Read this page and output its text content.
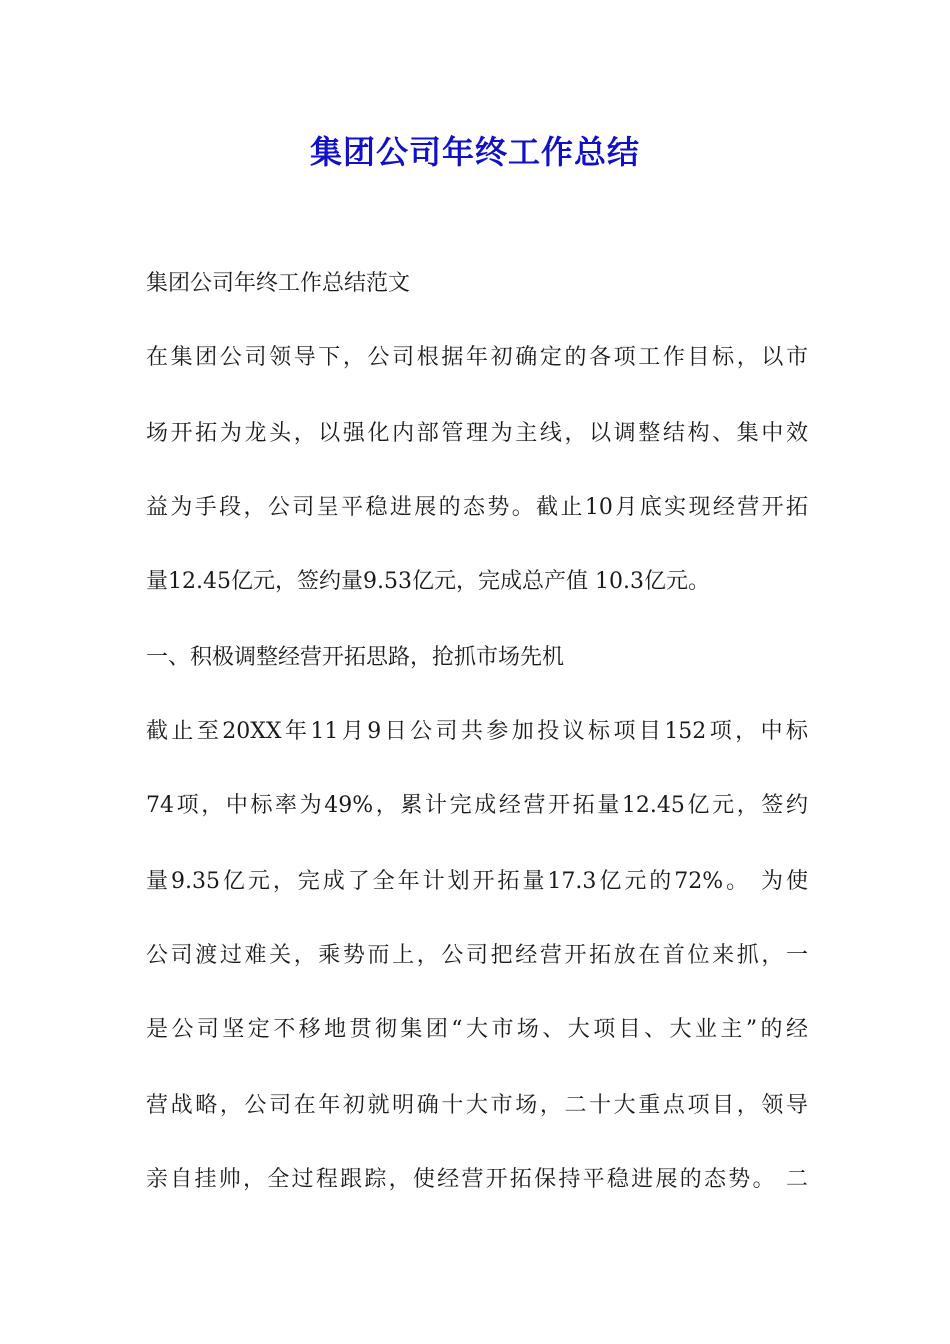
集团公司年终工作总结

集团公司年终工作总结范文

在集团公司领导下，公司根据年初确定的各项工作目标，以市

场开拓为龙头，以强化内部管理为主线，以调整结构、集中效

益为手段，公司呈平稳进展的态势。截止10月底实现经营开拓

量12.45亿元，签约量9.53亿元，完成总产值 10.3亿元。

一、积极调整经营开拓思路，抢抓市场先机

截止至20XX年11月9日公司共参加投议标项目152项，中标

74项，中标率为49%，累计完成经营开拓量12.45亿元，签约

量9.35亿元，完成了全年计划开拓量17.3亿元的72%。 为使

公司渡过难关，乘势而上，公司把经营开拓放在首位来抓，一

是公司坚定不移地贯彻集团“大市场、大项目、大业主”的经

营战略，公司在年初就明确十大市场，二十大重点项目，领导

亲自挂帅，全过程跟踪，使经营开拓保持平稳进展的态势。 二
